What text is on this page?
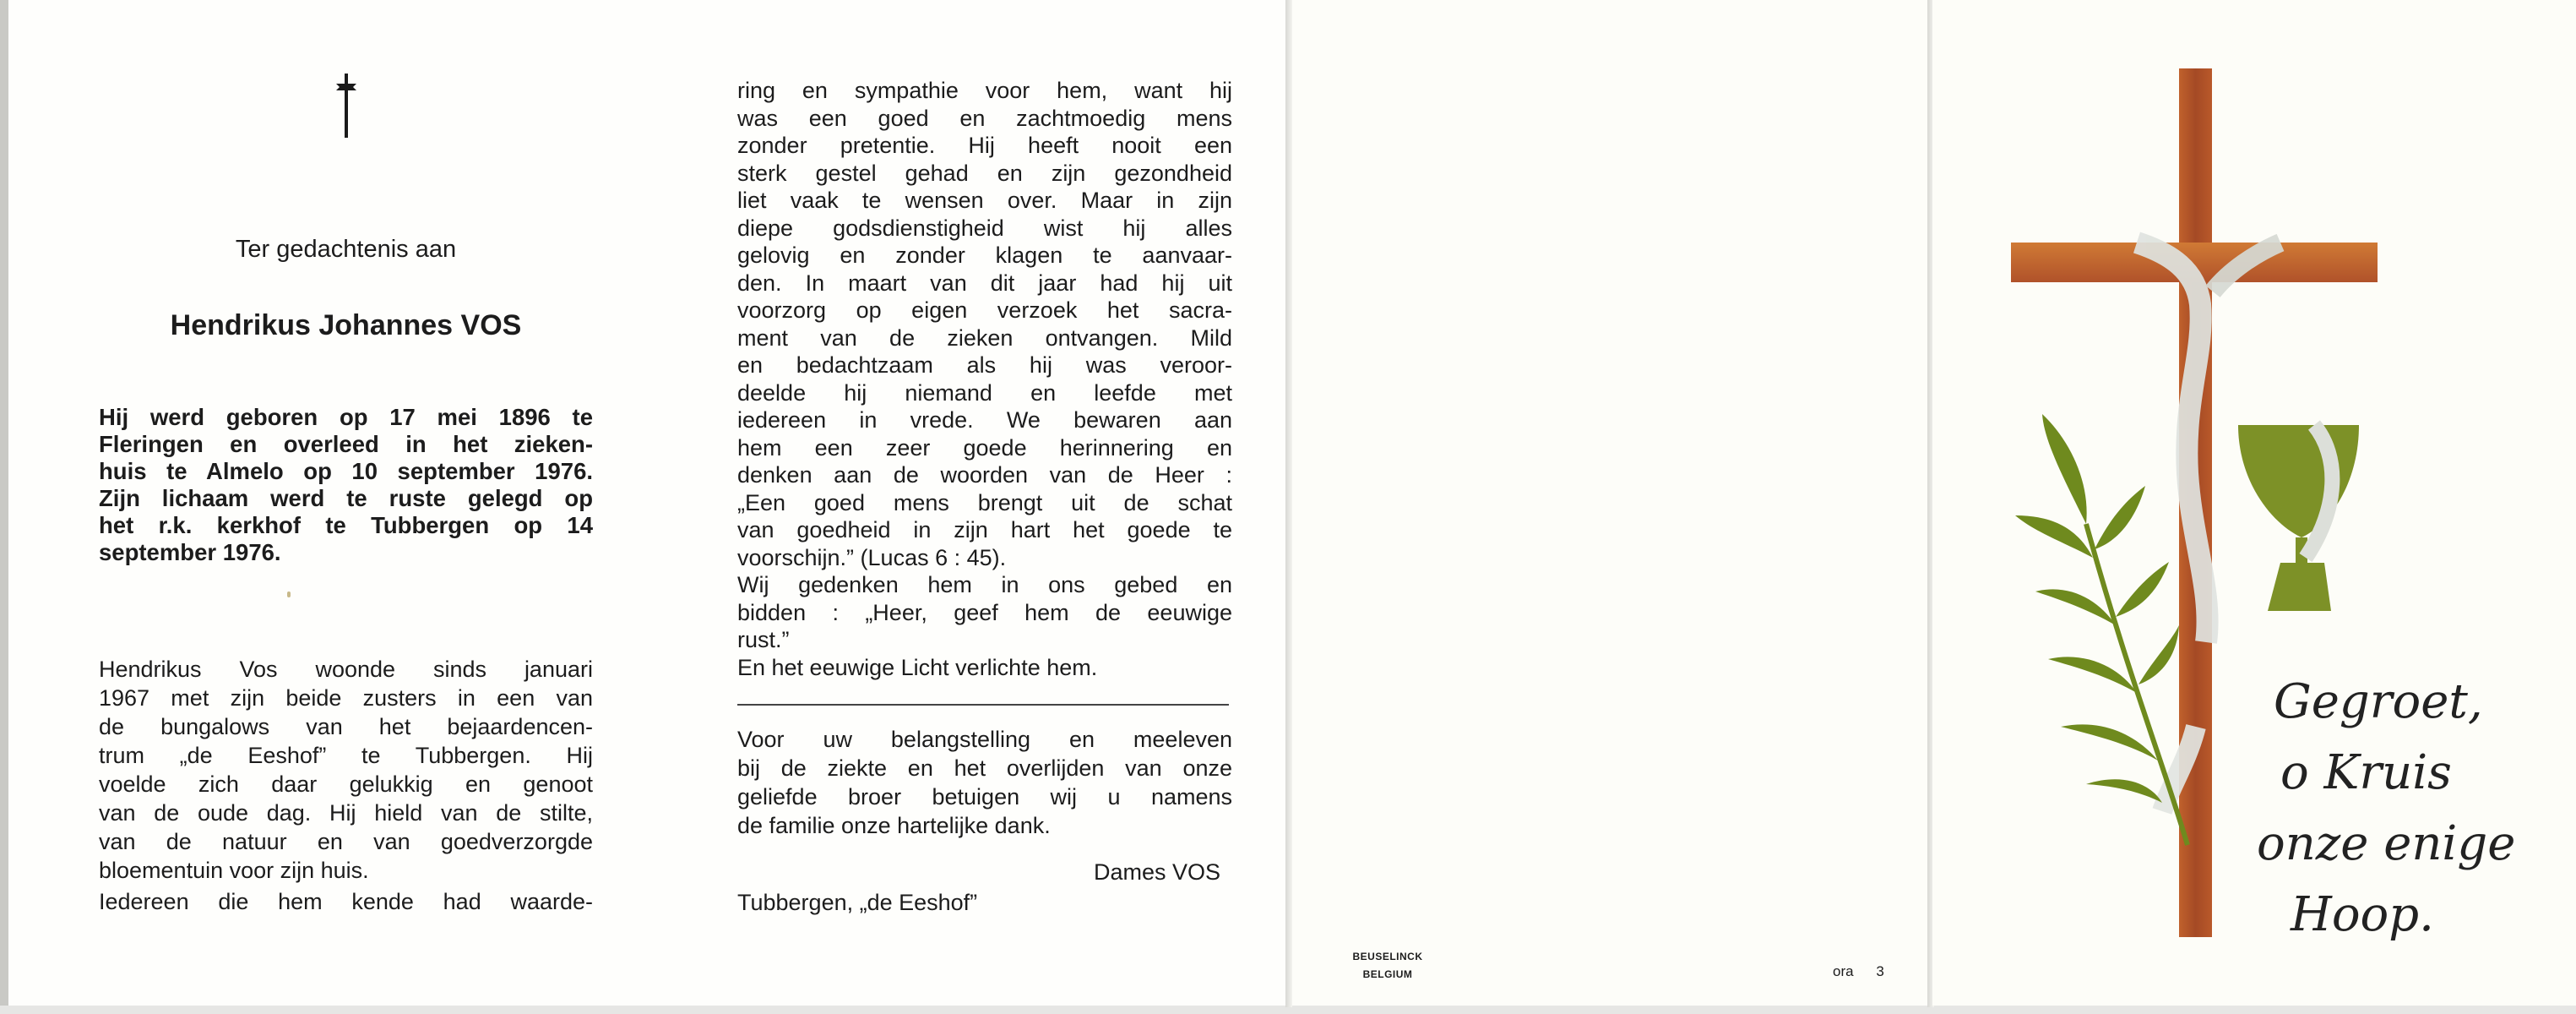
Ter gedachtenis aan
Hendrikus Johannes VOS
Hij werd geboren op 17 mei 1896 te
Fleringen en overleed in het zieken-
huis te Almelo op 10 september 1976.
Zijn lichaam werd te ruste gelegd op
het r.k. kerkhof te Tubbergen op 14
september 1976.
Hendrikus Vos woonde sinds januari
1967 met zijn beide zusters in een van
de bungalows van het bejaardencen-
trum „de Eeshof” te Tubbergen. Hij
voelde zich daar gelukkig en genoot
van de oude dag. Hij hield van de stilte,
van de natuur en van goedverzorgde
bloementuin voor zijn huis.
Iedereen die hem kende had waarde-
ring en sympathie voor hem, want hij
was een goed en zachtmoedig mens
zonder pretentie. Hij heeft nooit een
sterk gestel gehad en zijn gezondheid
liet vaak te wensen over. Maar in zijn
diepe godsdienstigheid wist hij alles
gelovig en zonder klagen te aanvaar-
den. In maart van dit jaar had hij uit
voorzorg op eigen verzoek het sacra-
ment van de zieken ontvangen. Mild
en bedachtzaam als hij was veroor-
deelde hij niemand en leefde met
iedereen in vrede. We bewaren aan
hem een zeer goede herinnering en
denken aan de woorden van de Heer :
„Een goed mens brengt uit de schat
van goedheid in zijn hart het goede te
voorschijn.” (Lucas 6 : 45).
Wij gedenken hem in ons gebed en
bidden : „Heer, geef hem de eeuwige
rust.”
En het eeuwige Licht verlichte hem.
Voor uw belangstelling en meeleven
bij de ziekte en het overlijden van onze
geliefde broer betuigen wij u namens
de familie onze hartelijke dank.
Dames VOS
Tubbergen, „de Eeshof”
BEUSELINCK
BELGIUM	ora 3
Gegroet,
o Kruis
onze enige
Hoop.
